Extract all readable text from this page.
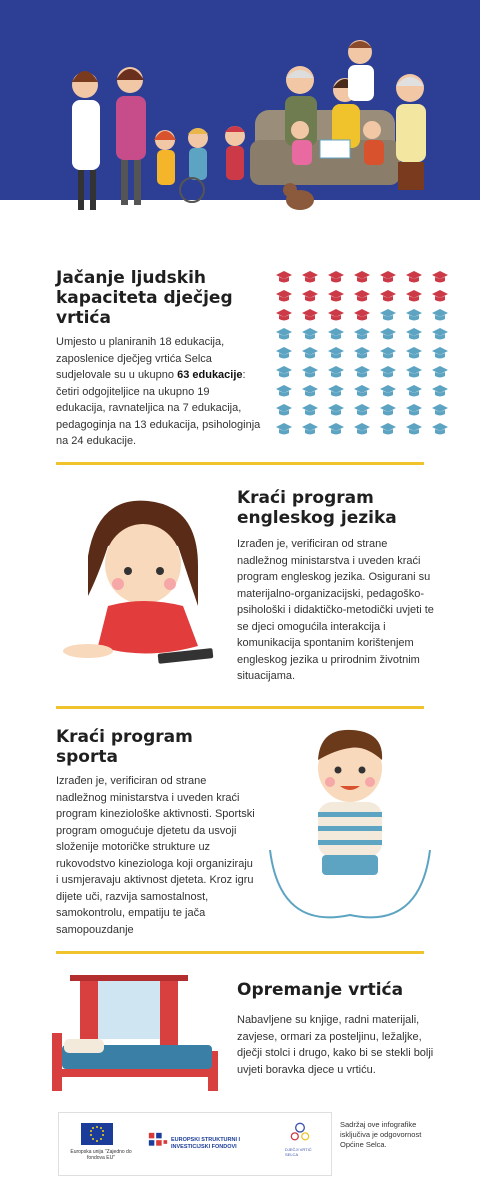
Jačanje ljudskih kapaciteta dječjeg vrtića
Umjesto u planiranih 18 edukacija, zaposlenice dječjeg vrtića Selca sudjelovale su u ukupno 63 edukacije: četiri odgojiteljice na ukupno 19 edukacija, ravnateljica na 7 edukacija, pedagoginja na 13 edukacija, psihologinja na 24 edukacije.
Kraći program engleskog jezika
Izrađen je, verificiran od strane nadležnog ministarstva i uveden kraći program engleskog jezika. Osigurani su materijalno-organizacijski, pedagoško-psihološki i didaktičko-metodički uvjeti te se djeci omogućila interakcija i komunikacija spontanim korištenjem engleskog jezika u prirodnim životnim situacijama.
Kraći program sporta
Izrađen je, verificiran od strane nadležnog ministarstva i uveden kraći program kineziološke aktivnosti. Sportski program omogućuje djetetu da usvoji složenije motoričke strukture uz rukovodstvo kineziologa koji organiziraju i usmjeravaju aktivnost djeteta. Kroz igru dijete uči, razvija samostalnost, samokontrolu, empatiju te jača samopouzdanje
Opremanje vrtića
Nabavljene su knjige, radni materijali, zavjese, ormari za posteljinu, ležaljke, dječji stolci i drugo, kako bi se stekli bolji uvjeti boravka djece u vrtiću.
Europska unija "Zajedno do fondova EU"
EUROPSKI STRUKTURNI I INVESTICIJSKI FONDOVI	DJEČJI VRTIĆ SELCA
Sadržaj ove infografike isključiva je odgovornost Općine Selca.
